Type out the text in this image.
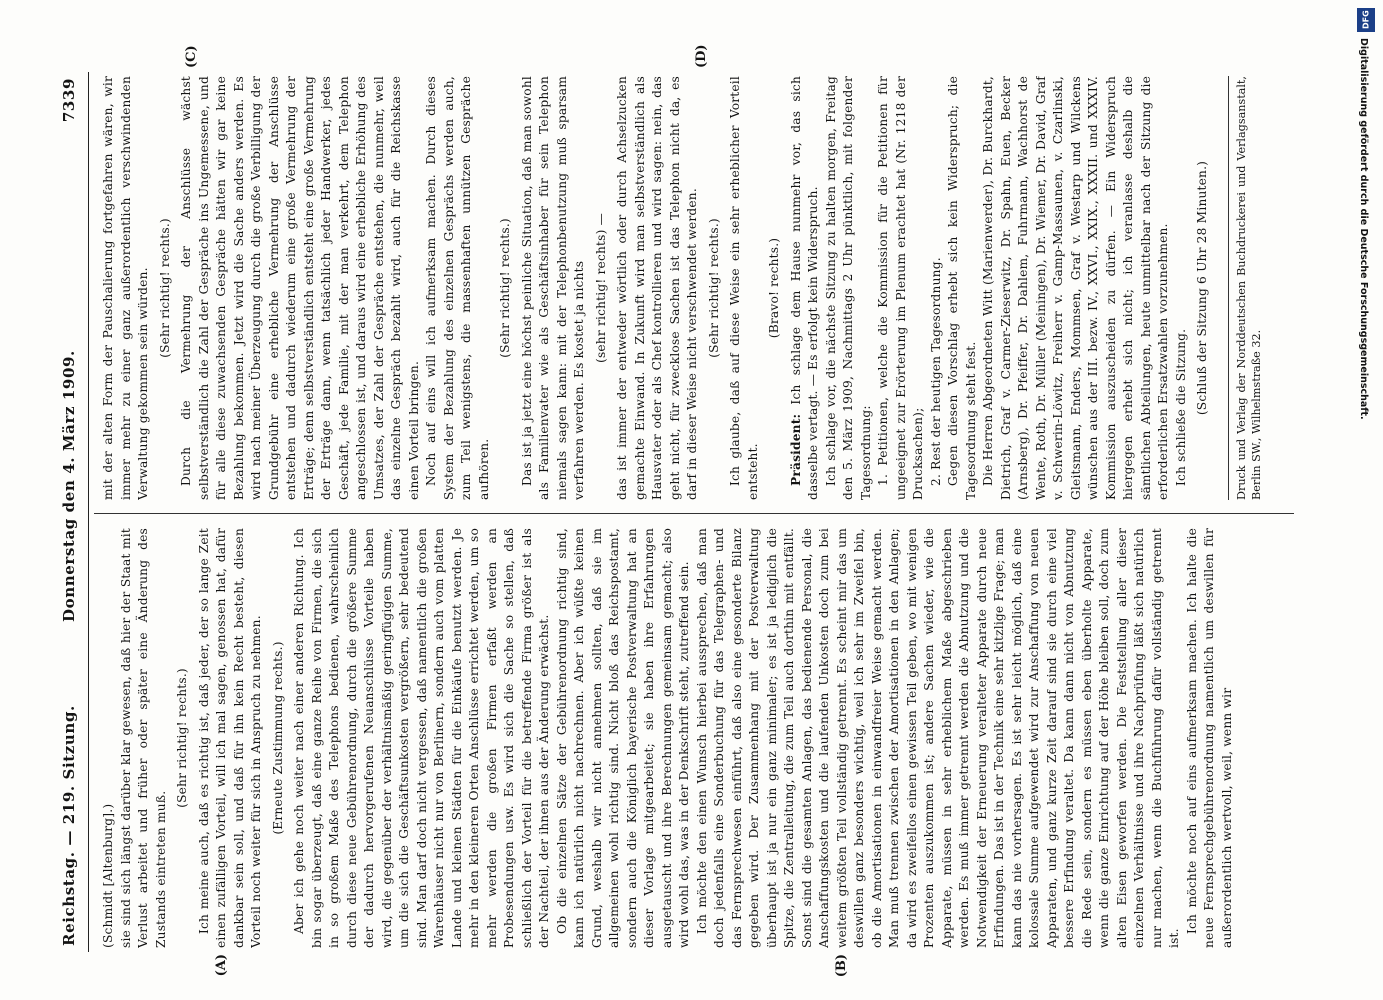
Reichstag. — 219. Sitzung.
Donnerstag den 4. März 1909.
7339

(Schmidt [Altenburg].) sie sind sich längst darüber klar gewesen, daß hier der Staat mit Verlust arbeitet und früher oder später eine Änderung des Zustands eintreten muß.

(Sehr richtig! rechts.) Ich meine auch, daß es richtig ist, daß jeder, der so lange Zeit einen zufälligen Vorteil, will ich mal sagen, genossen hat, dafür dankbar sein soll, und daß für ihn kein Recht besteht, diesen Vorteil noch weiter für sich in Anspruch zu nehmen. (Erneute Zustimmung rechts.) Aber ich gehe noch weiter nach einer anderen Richtung. Ich bin sogar überzeugt, daß eine ganze Reihe von Firmen, die sich in so großem Maße des Telephons bedienen, wahrscheinlich durch diese neue Gebührenordnung, durch die größere Summe der dadurch hervorgerufenen Neuanschlüsse Vorteile haben wird, die gegenüber der verhältnismäßig geringfügigen Summe, um die sich die Geschäftsunkosten vergrößern, sehr bedeutend sind. Man darf doch nicht vergessen, daß namentlich die großen Warenhäuser nicht nur von Berlinern, sondern auch vom platten Lande und kleinen Städten für die Einkäufe benutzt werden. Je mehr in den kleineren Orten Anschlüsse errichtet werden, um so mehr werden die großen Firmen erfaßt werden an Probesendungen usw. Es wird sich die Sache so stellen, daß schließlich der Vorteil für die betreffende Firma größer ist als der Nachteil, der ihnen aus der Änderung erwächst. Ob die einzelnen Sätze der Gebührenordnung richtig sind, kann ich natürlich nicht nachrechnen. Aber ich wüßte keinen Grund, weshalb wir nicht annehmen sollten, daß sie im allgemeinen wohl richtig sind. Nicht bloß das Reichspostamt, sondern auch die Königlich bayerische Postverwaltung hat an dieser Vorlage mitgearbeitet; sie haben ihre Erfahrungen ausgetauscht und ihre Berechnungen gemeinsam gemacht; also wird wohl das, was in der Denkschrift steht, zutreffend sein. Ich möchte den einen Wunsch hierbei aussprechen, daß man doch jedenfalls eine Sonderbuchung für das Telegraphen- und das Fernsprechwesen einführt, daß also eine gesonderte Bilanz gegeben wird. Der Zusammenhang mit der Postverwaltung überhaupt ist ja nur ein ganz minimaler; es ist ja lediglich die Spitze, die Zentralleitung, die zum Teil auch dorthin mit entfällt. Sonst sind die gesamten Anlagen, das bedienende Personal, die Anschaffungskosten und die laufenden Unkosten doch zum bei weitem größten Teil vollständig getrennt. Es scheint mir das um deswillen ganz besonders wichtig, weil ich sehr im Zweifel bin, ob die Amortisationen in einwandfreier Weise gemacht werden. Man muß trennen zwischen der Amortisationen in den Anlagen; da wird es zweifellos einen gewissen Teil geben, wo mit wenigen Prozenten auszukommen ist; andere Sachen wieder, wie die Apparate, müssen in sehr erheblichem Maße abgeschrieben werden. Es muß immer getrennt werden die Abnutzung und die Notwendigkeit der Erneuerung veralteter Apparate durch neue Erfindungen. Das ist in der Technik eine sehr kitzlige Frage; man kann das nie vorhersagen. Es ist sehr leicht möglich, daß eine kolossale Summe aufgewendet wird zur Anschaffung von neuen Apparaten, und ganz kurze Zeit darauf sind sie durch eine viel bessere Erfindung veraltet. Da kann dann nicht von Abnutzung die Rede sein, sondern es müssen eben überholte Apparate, wenn die ganze Einrichtung auf der Höhe bleiben soll, doch zum alten Eisen geworfen werden. Die Feststellung aller dieser einzelnen Verhältnisse und ihre Nachprüfung läßt sich natürlich nur machen, wenn die Buchführung dafür vollständig getrennt ist.

Ich möchte noch auf eins aufmerksam machen. Ich halte die neue Fernsprechgebührenordnung namentlich um deswillen für außerordentlich wertvoll, weil, wenn wir

mit der alten Form der Pauschalierung fortgefahren wären, wir immer mehr zu einer ganz außerordentlich verschwindenden Verwaltung gekommen sein würden. (Sehr richtig! rechts.) Durch die Vermehrung der Anschlüsse wächst selbstverständlich die Zahl der Gespräche ins Ungemessene, und für alle diese zuwachsenden Gespräche hätten wir gar keine Bezahlung bekommen. Jetzt wird die Sache anders werden. Es wird nach meiner Überzeugung durch die große Verbilligung der Grundgebühr eine erhebliche Vermehrung der Anschlüsse entstehen und dadurch wiederum eine große Vermehrung der Erträge; denn selbstverständlich entsteht eine große Vermehrung der Erträge dann, wenn tatsächlich jeder Handwerker, jedes Geschäft, jede Familie, mit der man verkehrt, dem Telephon angeschlossen ist, und daraus wird eine erhebliche Erhöhung des Umsatzes, der Zahl der Gespräche entstehen, die nunmehr, weil das einzelne Gespräch bezahlt wird, auch für die Reichskasse einen Vorteil bringen. Noch auf eins will ich aufmerksam machen. Durch dieses System der Bezahlung des einzelnen Gesprächs werden auch, zum Teil wenigstens, die massenhaften unnützen Gespräche aufhören.

(Sehr richtig! rechts.) Das ist ja jetzt eine höchst peinliche Situation, daß man sowohl als Familienvater wie als Geschäftsinhaber für sein Telephon niemals sagen kann: mit der Telephonbenutzung muß sparsam verfahren werden. Es kostet ja nichts (sehr richtig! rechts) — das ist immer der entweder wörtlich oder durch Achselzucken gemachte Einwand. In Zukunft wird man selbstverständlich als Hausvater oder als Chef kontrollieren und wird sagen: nein, das geht nicht, für zwecklose Sachen ist das Telephon nicht da, es darf in dieser Weise nicht verschwendet werden. (Sehr richtig! rechts.) Ich glaube, daß auf diese Weise ein sehr erheblicher Vorteil entsteht.

(Bravo! rechts.)

Präsident: Ich schlage dem Hause nunmehr vor, das sich dasselbe vertagt. — Es erfolgt kein Widerspruch. Ich schlage vor, die nächste Sitzung zu halten morgen, Freitag den 5. März 1909, Nachmittags 2 Uhr pünktlich, mit folgender Tagesordnung: 1. Petitionen, welche die Kommission für die Petitionen für ungeeignet zur Erörterung im Plenum erachtet hat (Nr. 1218 der Drucksachen); 2. Rest der heutigen Tagesordnung. Gegen diesen Vorschlag erhebt sich kein Widerspruch; die Tagesordnung steht fest. Die Herren Abgeordneten Witt (Marienwerder), Dr. Burckhardt, Dietrich, Graf v. Carmer-Zieserwitz, Dr. Spahn, Euen, Becker (Arnsberg), Dr. Pfeiffer, Dr. Dahlem, Fuhrmann, Wachhorst de Wente, Roth, Dr. Müller (Meiningen), Dr. Wiemer, Dr. David, Graf v. Schwerin-Löwitz, Freiherr v. Gamp-Massaunen, v. Czarlinski, Gleitsmann, Enders, Mommsen, Graf v. Westarp und Wilckens wünschen aus der III. bezw. IV., XXVI., XXIX., XXXII. und XXXIV. Kommission auszuscheiden zu dürfen. — Ein Widerspruch hiergegen erhebt sich nicht; ich veranlasse deshalb die sämtlichen Abteilungen, heute unmittelbar nach der Sitzung die erforderlichen Ersatzwahlen vorzunehmen. Ich schließe die Sitzung. (Schluß der Sitzung 6 Uhr 28 Minuten.) Druck und Verlag der Norddeutschen Buchdruckerei und Verlagsanstalt, Berlin SW., Wilhelmstraße 32.
(A)	(B)
(C)	(D)
DFG
Digitalisierung gefördert durch die Deutsche Forschungsgemeinschaft.
